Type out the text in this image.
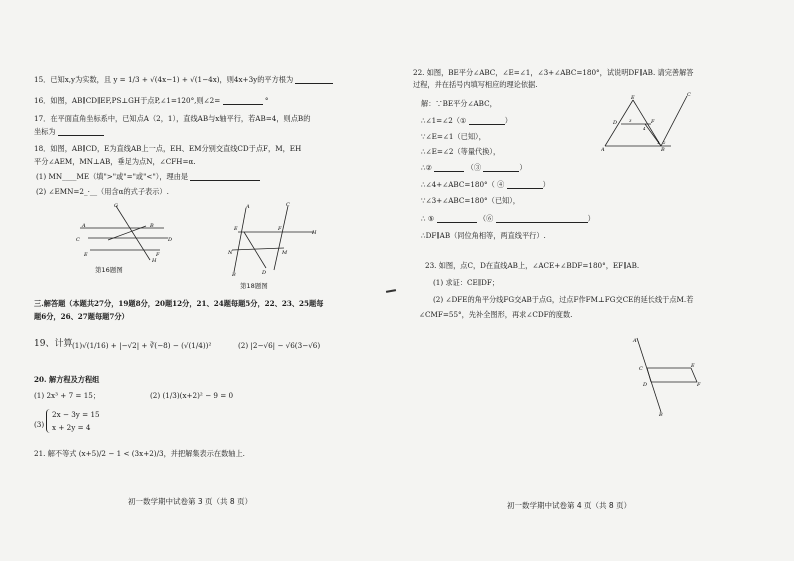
15．已知x,y为实数，且 y = 1/3 + √(4x−1) + √(1−4x)，则4x+3y的平方根为
16．如图，AB∥CD∥EF,PS⊥GH于点P,∠1=120°,则∠2=	°
17．在平面直角坐标系中，已知点A（2，1），直线AB与x轴平行，若AB=4，则点B的
坐标为
18．如图，AB∥CD，E为直线AB上一点，EH、EM分别交直线CD于点F，M，EH
平分∠AEM，MN⊥AB，垂足为点N，∠CFH=α.
(1) MN____ME（填">"或"="或"<"），理由是
(2) ∠EMN=2_·__（用含α的式子表示）.
G
A	B
C	D
E	F
H
第16题图
A	C
E	F
H
N	M
B	D
第18题图
三.解答题（本题共27分，19题8分，20题12分，21、24题每题5分，22、23、25题每
题6分，26、27题每题7分）
19、计算 (1)√(1/16) + |−√2| + ∛(−8) − (√(1/4))²	(2) |2−√6| − √6(3−√6)
20. 解方程及方程组
(1) 2x³ + 7 = 15；	(2) (1/3)(x+2)² − 9 = 0
(3)
2x − 3y = 15
x + 2y = 4
21. 解不等式 (x+5)/2 − 1 < (3x+2)/3，并把解集表示在数轴上.
初一数学期中试卷第 3 页（共 8 页）
22. 如图，BE平分∠ABC，∠E=∠1，∠3+∠ABC=180°，试说明DF∥AB. 请完善解答
过程，并在括号内填写相应的理论依据.
解：∵BE平分∠ABC，
∴∠1=∠2（①	）
∵∠E=∠1（已知），
∴∠E=∠2（等量代换），
∴②	（③	）
∴∠4+∠ABC=180°（ ④	）
∵∠3+∠ABC=180°（已知），
∴ ⑤	（⑥	）
∴DF∥AB（同位角相等，两直线平行）.
E
D	F
A	B
C
3
4
1 2
23. 如图，点C，D在直线AB上，∠ACE+∠BDF=180°，EF∥AB.
(1) 求证：CE∥DF；
(2) ∠DFE的角平分线FG交AB于点G，过点F作FM⊥FG交CE的延长线于点M.若
∠CMF=55°，先补全图形，再求∠CDF的度数.
A
C
D
E
F
B
初一数学期中试卷第 4 页（共 8 页）
